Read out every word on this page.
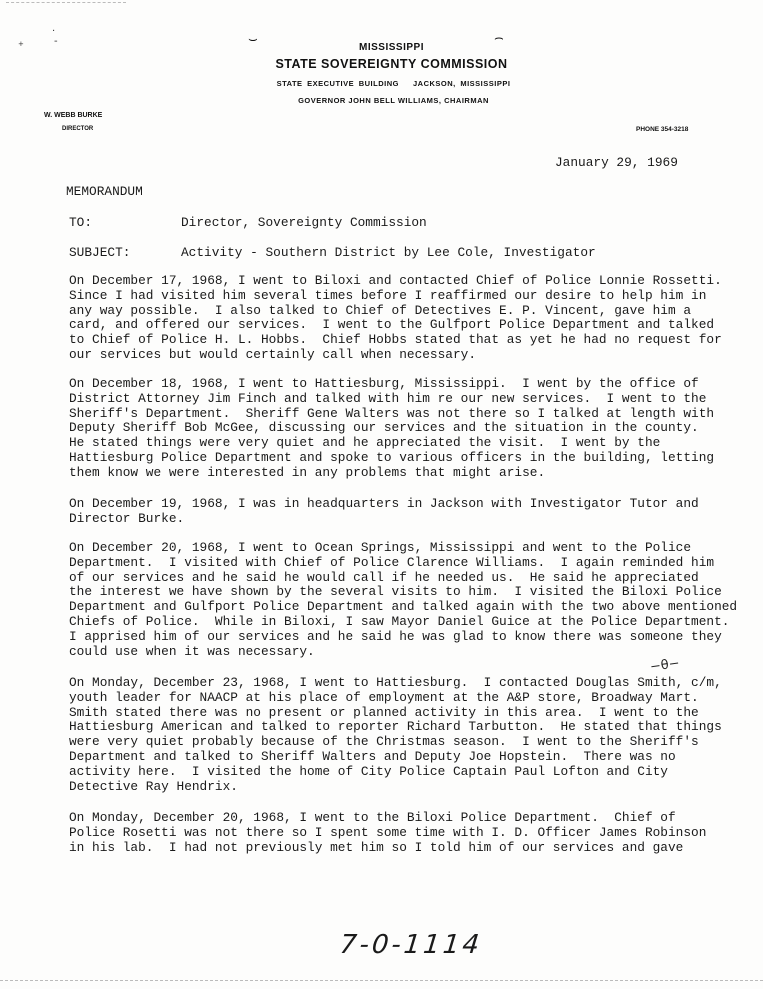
·
-
+	⌣	⌢
MISSISSIPPI
STATE SOVEREIGNTY COMMISSION
STATE EXECUTIVE BUILDING JACKSON, MISSISSIPPI
GOVERNOR JOHN BELL WILLIAMS, CHAIRMAN
W. WEBB BURKE
DIRECTOR	PHONE 354-3218
January 29, 1969
MEMORANDUM
TO:	Director, Sovereignty Commission
SUBJECT:	Activity - Southern District by Lee Cole, Investigator

On December 17, 1968, I went to Biloxi and contacted Chief of Police Lonnie Rossetti.
Since I had visited him several times before I reaffirmed our desire to help him in
any way possible.  I also talked to Chief of Detectives E. P. Vincent, gave him a
card, and offered our services.  I went to the Gulfport Police Department and talked
to Chief of Police H. L. Hobbs.  Chief Hobbs stated that as yet he had no request for
our services but would certainly call when necessary.

On December 18, 1968, I went to Hattiesburg, Mississippi.  I went by the office of
District Attorney Jim Finch and talked with him re our new services.  I went to the
Sheriff's Department.  Sheriff Gene Walters was not there so I talked at length with
Deputy Sheriff Bob McGee, discussing our services and the situation in the county.
He stated things were very quiet and he appreciated the visit.  I went by the
Hattiesburg Police Department and spoke to various officers in the building, letting
them know we were interested in any problems that might arise.

On December 19, 1968, I was in headquarters in Jackson with Investigator Tutor and
Director Burke.

On December 20, 1968, I went to Ocean Springs, Mississippi and went to the Police
Department.  I visited with Chief of Police Clarence Williams.  I again reminded him
of our services and he said he would call if he needed us.  He said he appreciated
the interest we have shown by the several visits to him.  I visited the Biloxi Police
Department and Gulfport Police Department and talked again with the two above mentioned
Chiefs of Police.  While in Biloxi, I saw Mayor Daniel Guice at the Police Department.
I apprised him of our services and he said he was glad to know there was someone they
could use when it was necessary.

On Monday, December 23, 1968, I went to Hattiesburg.  I contacted Douglas Smith, c/m,
youth leader for NAACP at his place of employment at the A&P store, Broadway Mart.
Smith stated there was no present or planned activity in this area.  I went to the
Hattiesburg American and talked to reporter Richard Tarbutton.  He stated that things
were very quiet probably because of the Christmas season.  I went to the Sheriff's
Department and talked to Sheriff Walters and Deputy Joe Hopstein.  There was no
activity here.  I visited the home of City Police Captain Paul Lofton and City
Detective Ray Hendrix.

On Monday, December 20, 1968, I went to the Biloxi Police Department.  Chief of
Police Rosetti was not there so I spent some time with I. D. Officer James Robinson
in his lab.  I had not previously met him so I told him of our services and gave

−θ−
7-0-1114
